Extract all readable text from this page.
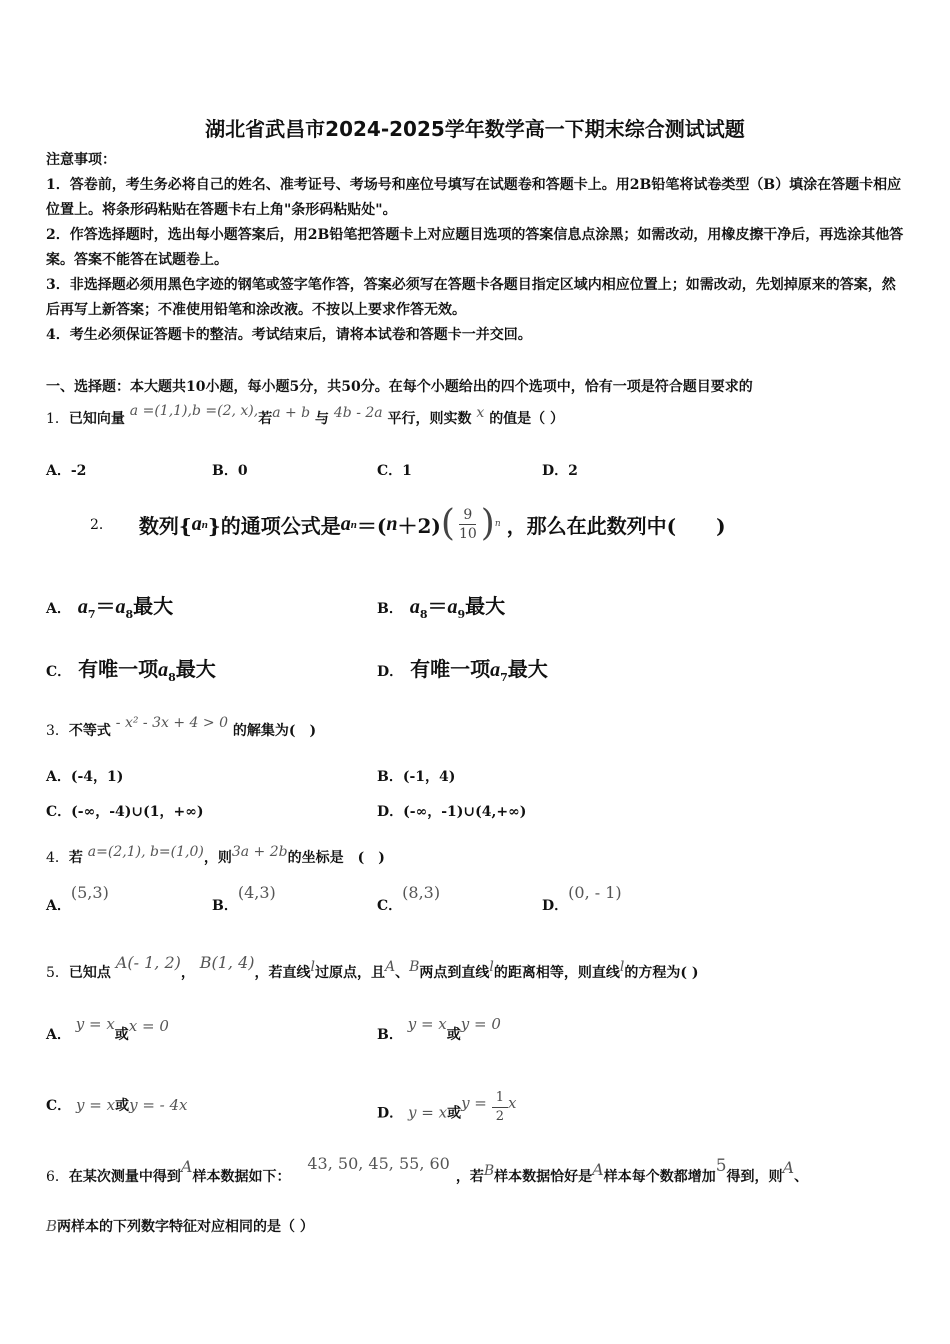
湖北省武昌市2024-2025学年数学高一下期末综合测试试题
注意事项：
1．答卷前，考生务必将自己的姓名、准考证号、考场号和座位号填写在试题卷和答题卡上。用2B铅笔将试卷类型（B）填涂在答题卡相应位置上。将条形码粘贴在答题卡右上角"条形码粘贴处"。
2．作答选择题时，选出每小题答案后，用2B铅笔把答题卡上对应题目选项的答案信息点涂黑；如需改动，用橡皮擦干净后，再选涂其他答案。答案不能答在试题卷上。
3．非选择题必须用黑色字迹的钢笔或签字笔作答，答案必须写在答题卡各题目指定区域内相应位置上；如需改动，先划掉原来的答案，然后再写上新答案；不准使用铅笔和涂改液。不按以上要求作答无效。
4．考生必须保证答题卡的整洁。考试结束后，请将本试卷和答题卡一并交回。
一、选择题：本大题共10小题，每小题5分，共50分。在每个小题给出的四个选项中，恰有一项是符合题目要求的
1．已知向量 a =(1,1),b =(2, x),若a + b 与 4b - 2a 平行，则实数 x 的值是（ ）
A．-2	B．0	C．1	D．2
2． 数列{ a n }的通项公式是 a n ＝( n ＋2) ( $\frac{9}{10}$ ) n ，那么在此数列中(　　)
A． $a_7=a_8$最大	B． $a_8=a_9$最大
C． 有唯一项$a_8$最大	D． 有唯一项$a_7$最大
3．不等式 - x² - 3x + 4 > 0 的解集为(　)
A．(-4，1)	B．(-1，4)
C．(-∞，-4)∪(1，+∞)	D．(-∞，-1)∪(4,+∞)
4．若 a=(2,1), b=(1,0)，则3a + 2b的坐标是　(　)
A．(5,3)
B．(4,3)
C．(8,3)
D．(0, - 1)
5．已知点 A(- 1, 2)， B(1, 4)，若直线l过原点，且A、B两点到直线l的距离相等，则直线l的方程为( )
A． y = x或x = 0	B． y = x或y = 0
C． y = x或y = - 4x	D． y = x或$y = \frac{1}{2}$ x
6．在某次测量中得到A样本数据如下： 43, 50, 45, 55, 60，若B样本数据恰好是A样本每个数都增加5得到，则A、
B两样本的下列数字特征对应相同的是（ ）
